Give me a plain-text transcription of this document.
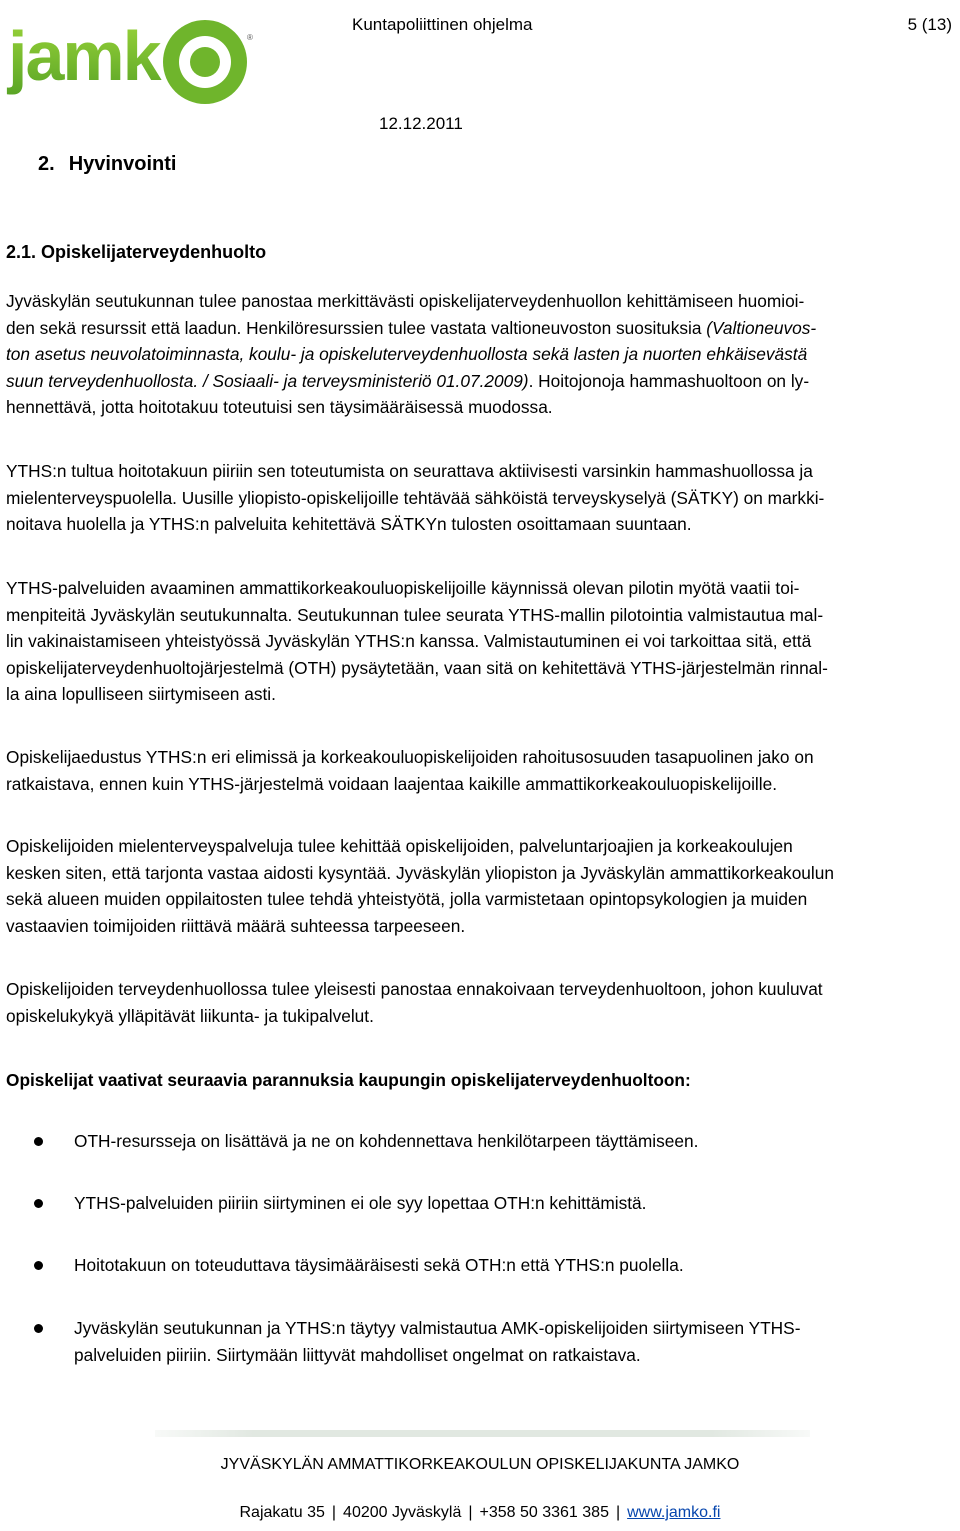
jamk	®
Kuntapoliittinen ohjelma	5 (13)
12.12.2011
2. Hyvinvointi
2.1. Opiskelijaterveydenhuolto

Jyväskylän seutukunnan tulee panostaa merkittävästi opiskelijaterveydenhuollon kehittämiseen huomioi-

den sekä resurssit että laadun. Henkilöresurssien tulee vastata valtioneuvoston suosituksia (Valtioneuvos-

ton asetus neuvolatoiminnasta, koulu- ja opiskeluterveydenhuollosta sekä lasten ja nuorten ehkäisevästä

suun terveydenhuollosta. / Sosiaali- ja terveysministeriö 01.07.2009). Hoitojonoja hammashuoltoon on ly-

hennettävä, jotta hoitotakuu toteutuisi sen täysimääräisessä muodossa.

YTHS:n tultua hoitotakuun piiriin sen toteutumista on seurattava aktiivisesti varsinkin hammashuollossa ja

mielenterveyspuolella. Uusille yliopisto-opiskelijoille tehtävää sähköistä terveyskyselyä (SÄTKY) on markki-

noitava huolella ja YTHS:n palveluita kehitettävä SÄTKYn tulosten osoittamaan suuntaan.

YTHS-palveluiden avaaminen ammattikorkeakouluopiskelijoille käynnissä olevan pilotin myötä vaatii toi-

menpiteitä Jyväskylän seutukunnalta. Seutukunnan tulee seurata YTHS-mallin pilotointia valmistautua mal-

lin vakinaistamiseen yhteistyössä Jyväskylän YTHS:n kanssa. Valmistautuminen ei voi tarkoittaa sitä, että

opiskelijaterveydenhuoltojärjestelmä (OTH) pysäytetään, vaan sitä on kehitettävä YTHS-järjestelmän rinnal-

la aina lopulliseen siirtymiseen asti.

Opiskelijaedustus YTHS:n eri elimissä ja korkeakouluopiskelijoiden rahoitusosuuden tasapuolinen jako on

ratkaistava, ennen kuin YTHS-järjestelmä voidaan laajentaa kaikille ammattikorkeakouluopiskelijoille.

Opiskelijoiden mielenterveyspalveluja tulee kehittää opiskelijoiden, palveluntarjoajien ja korkeakoulujen

kesken siten, että tarjonta vastaa aidosti kysyntää. Jyväskylän yliopiston ja Jyväskylän ammattikorkeakoulun

sekä alueen muiden oppilaitosten tulee tehdä yhteistyötä, jolla varmistetaan opintopsykologien ja muiden

vastaavien toimijoiden riittävä määrä suhteessa tarpeeseen.

Opiskelijoiden terveydenhuollossa tulee yleisesti panostaa ennakoivaan terveydenhuoltoon, johon kuuluvat

opiskelukykyä ylläpitävät liikunta- ja tukipalvelut.

Opiskelijat vaativat seuraavia parannuksia kaupungin opiskelijaterveydenhuoltoon:
OTH-resursseja on lisättävä ja ne on kohdennettava henkilötarpeen täyttämiseen.
YTHS-palveluiden piiriin siirtyminen ei ole syy lopettaa OTH:n kehittämistä.
Hoitotakuun on toteuduttava täysimääräisesti sekä OTH:n että YTHS:n puolella.
Jyväskylän seutukunnan ja YTHS:n täytyy valmistautua AMK-opiskelijoiden siirtymiseen YTHS-
palveluiden piiriin. Siirtymään liittyvät mahdolliset ongelmat on ratkaistava.
JYVÄSKYLÄN AMMATTIKORKEAKOULUN OPISKELIJAKUNTA JAMKO
Rajakatu 35 | 40200 Jyväskylä | +358 50 3361 385 | www.jamko.fi
